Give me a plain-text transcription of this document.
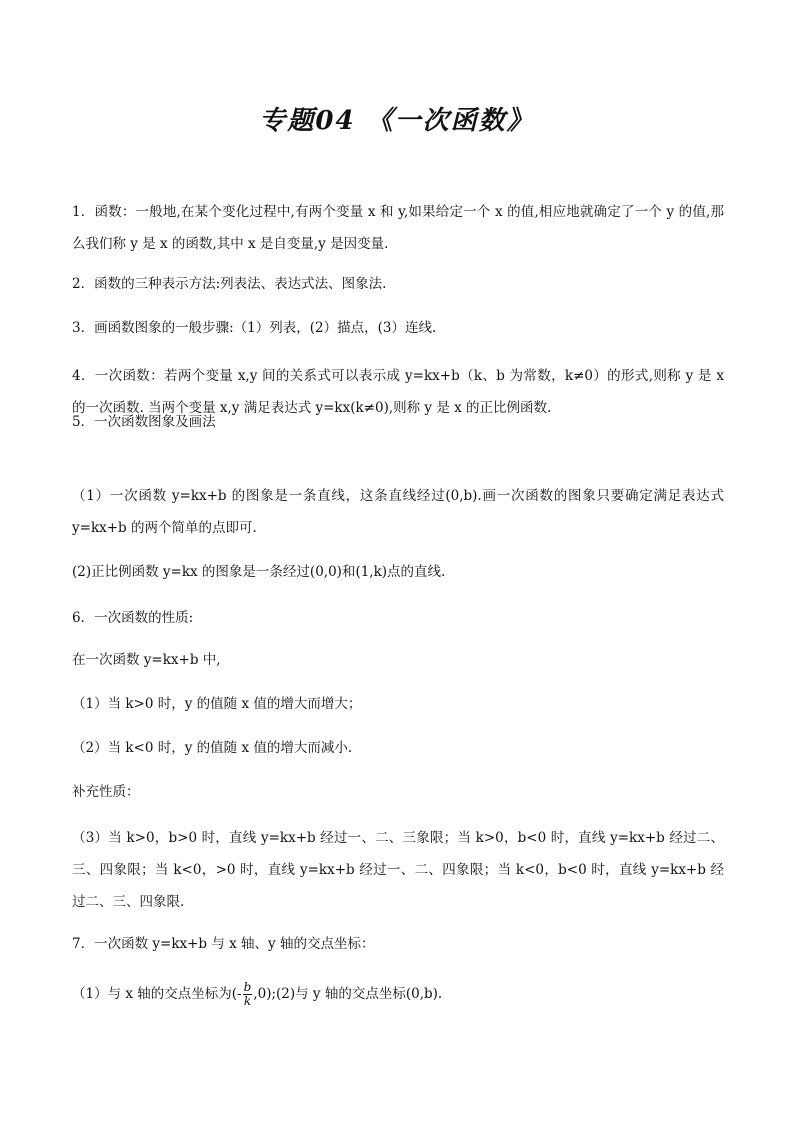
专题04 《一次函数》
1．函数：一般地,在某个变化过程中,有两个变量 x 和 y,如果给定一个 x 的值,相应地就确定了一个 y 的值,那么我们称 y 是 x 的函数,其中 x 是自变量,y 是因变量.
2．函数的三种表示方法:列表法、表达式法、图象法.
3．画函数图象的一般步骤:（1）列表，(2）描点，(3）连线.
4．一次函数：若两个变量 x,y 间的关系式可以表示成 y=kx+b（k、b 为常数，k≠0）的形式,则称 y 是 x 的一次函数. 当两个变量 x,y 满足表达式 y=kx(k≠0),则称 y 是 x 的正比例函数.
5．一次函数图象及画法
（1）一次函数 y=kx+b 的图象是一条直线，这条直线经过(0,b).画一次函数的图象只要确定满足表达式 y=kx+b 的两个简单的点即可.
(2)正比例函数 y=kx 的图象是一条经过(0,0)和(1,k)点的直线.
6．一次函数的性质:
在一次函数 y=kx+b 中,
（1）当 k>0 时，y 的值随 x 值的增大而增大；
（2）当 k<0 时，y 的值随 x 值的增大而减小.
补充性质：
（3）当 k>0，b>0 时，直线 y=kx+b 经过一、二、三象限；当 k>0，b<0 时，直线 y=kx+b 经过二、三、四象限；当 k<0，>0 时，直线 y=kx+b 经过一、二、四象限；当 k<0，b<0 时，直线 y=kx+b 经过二、三、四象限.
7．一次函数 y=kx+b 与 x 轴、y 轴的交点坐标：
（1）与 x 轴的交点坐标为(- $\frac{b}{k}$ ,0);(2)与 y 轴的交点坐标(0,b).
